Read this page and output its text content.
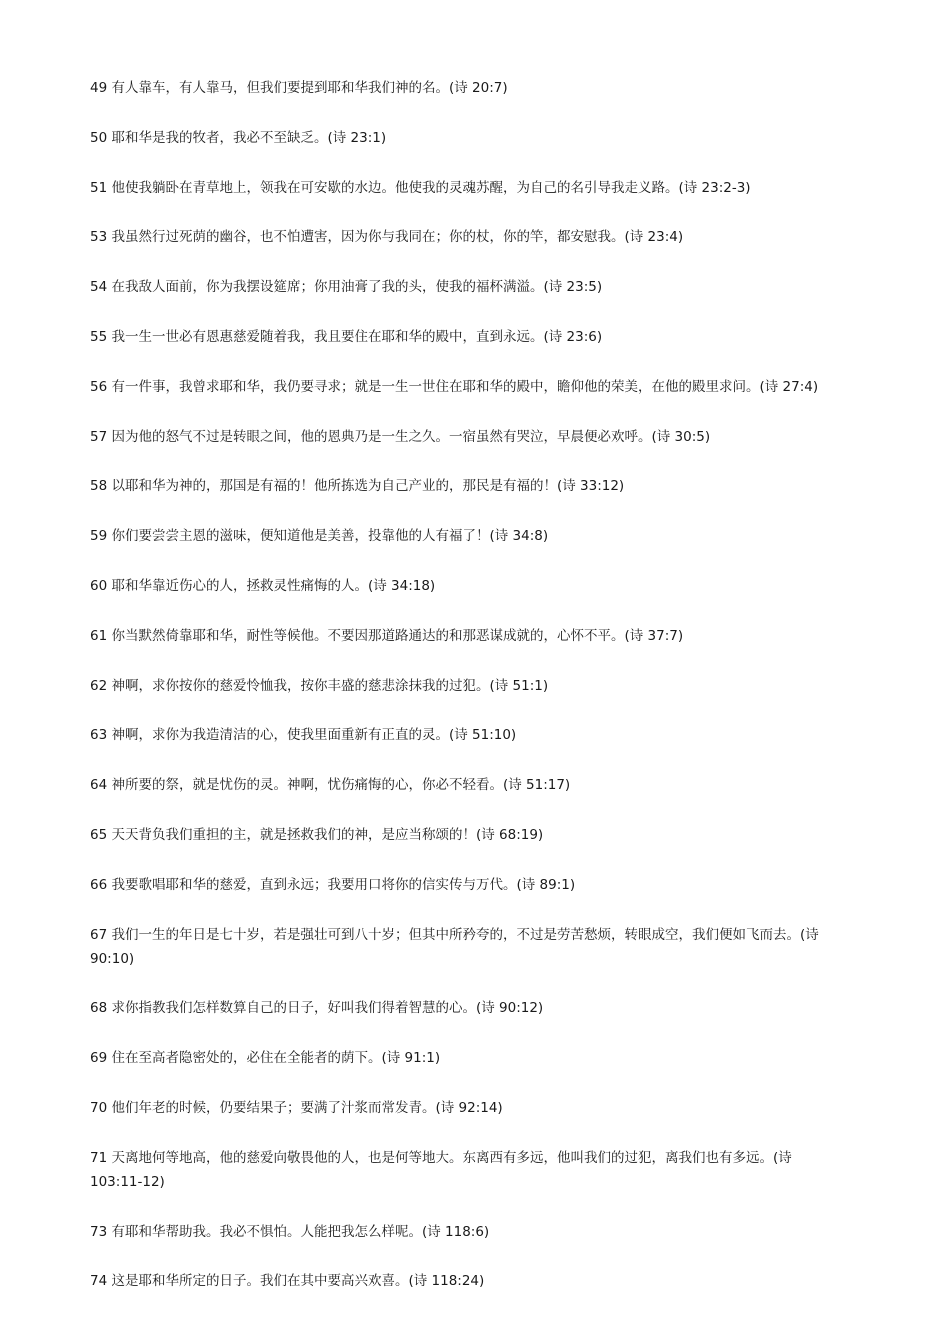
49 有人靠车，有人靠马，但我们要提到耶和华我们神的名。(诗 20:7)

50 耶和华是我的牧者，我必不至缺乏。(诗 23:1)

51 他使我躺卧在青草地上，领我在可安歇的水边。他使我的灵魂苏醒，为自己的名引导我走义路。(诗 23:2-3)

53 我虽然行过死荫的幽谷，也不怕遭害，因为你与我同在；你的杖，你的竿，都安慰我。(诗 23:4)

54 在我敌人面前，你为我摆设筵席；你用油膏了我的头，使我的福杯满溢。(诗 23:5)

55 我一生一世必有恩惠慈爱随着我，我且要住在耶和华的殿中，直到永远。(诗 23:6)

56 有一件事，我曾求耶和华，我仍要寻求；就是一生一世住在耶和华的殿中，瞻仰他的荣美，在他的殿里求问。(诗 27:4)

57 因为他的怒气不过是转眼之间，他的恩典乃是一生之久。一宿虽然有哭泣，早晨便必欢呼。(诗 30:5)

58 以耶和华为神的，那国是有福的！他所拣选为自己产业的，那民是有福的！(诗 33:12)

59 你们要尝尝主恩的滋味，便知道他是美善，投靠他的人有福了！(诗 34:8)

60 耶和华靠近伤心的人，拯救灵性痛悔的人。(诗 34:18)

61 你当默然倚靠耶和华，耐性等候他。不要因那道路通达的和那恶谋成就的，心怀不平。(诗 37:7)

62 神啊，求你按你的慈爱怜恤我，按你丰盛的慈悲涂抹我的过犯。(诗 51:1)

63 神啊，求你为我造清洁的心，使我里面重新有正直的灵。(诗 51:10)

64 神所要的祭，就是忧伤的灵。神啊，忧伤痛悔的心，你必不轻看。(诗 51:17)

65 天天背负我们重担的主，就是拯救我们的神，是应当称颂的！(诗 68:19)

66 我要歌唱耶和华的慈爱，直到永远；我要用口将你的信实传与万代。(诗 89:1)

67 我们一生的年日是七十岁，若是强壮可到八十岁；但其中所矜夸的，不过是劳苦愁烦，转眼成空，我们便如飞而去。(诗
90:10)

68 求你指教我们怎样数算自己的日子，好叫我们得着智慧的心。(诗 90:12)

69 住在至高者隐密处的，必住在全能者的荫下。(诗 91:1)

70 他们年老的时候，仍要结果子；要满了汁浆而常发青。(诗 92:14)

71 天离地何等地高，他的慈爱向敬畏他的人，也是何等地大。东离西有多远，他叫我们的过犯，离我们也有多远。(诗
103:11-12)

73 有耶和华帮助我。我必不惧怕。人能把我怎么样呢。(诗 118:6)

74 这是耶和华所定的日子。我们在其中要高兴欢喜。(诗 118:24)
